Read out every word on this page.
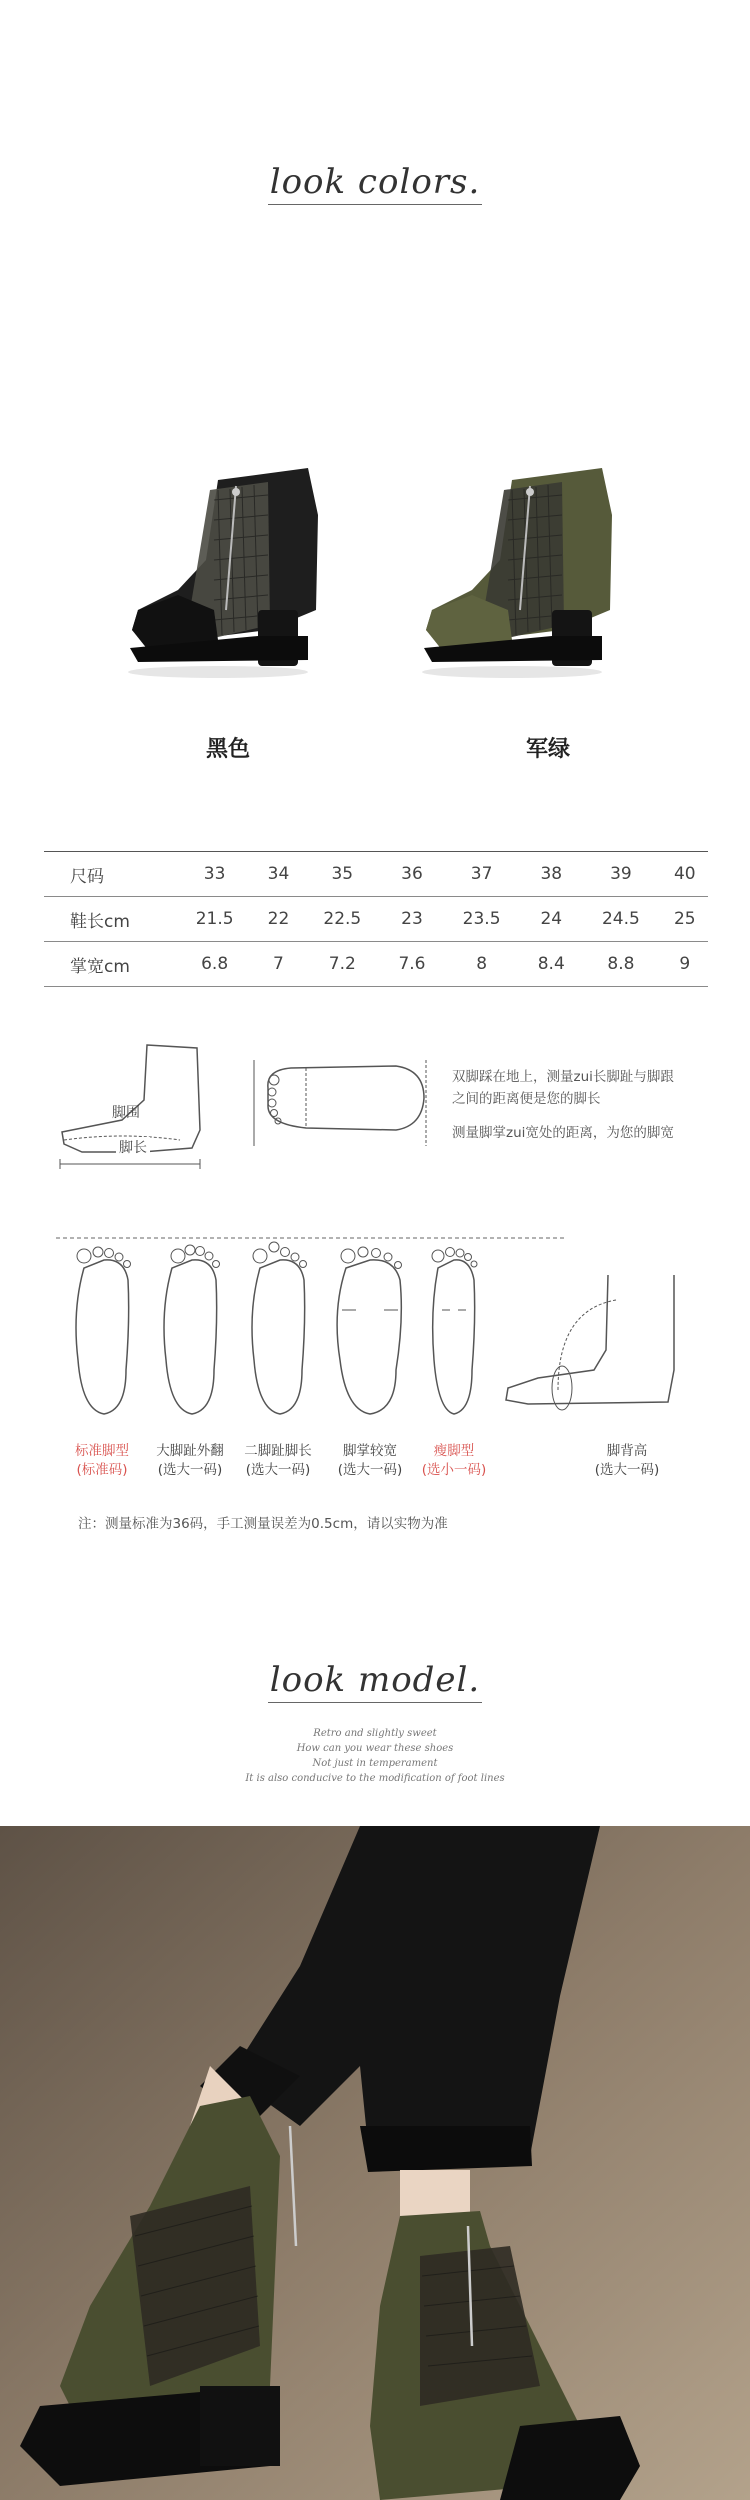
look colors.
黑色	军绿
尺码	33	34	35	36	37	38	39	40
鞋长cm	21.5	22	22.5	23	23.5	24	24.5	25
掌宽cm	6.8	7	7.2	7.6	8	8.4	8.8	9
脚围
脚长
双脚踩在地上，测量zui长脚趾与脚跟
之间的距离便是您的脚长
测量脚掌zui宽处的距离，为您的脚宽
标准脚型
(标准码)
大脚趾外翻
(选大一码)
二脚趾脚长
(选大一码)
脚掌较宽
(选大一码)
瘦脚型
(选小一码)
脚背高
(选大一码)
注：测量标准为36码，手工测量误差为0.5cm，请以实物为准
look model.
Retro and slightly sweet
How can you wear these shoes
Not just in temperament
It is also conducive to the modification of foot lines
